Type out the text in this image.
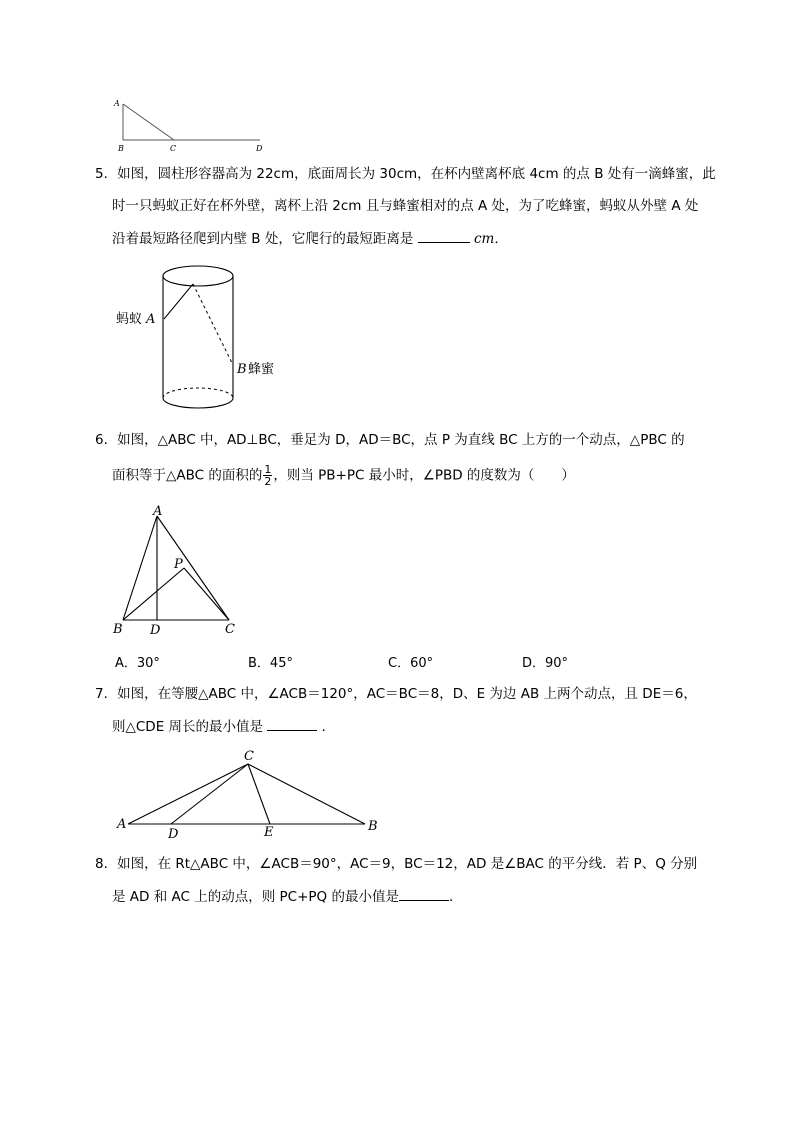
A
B	C	D
5．如图，圆柱形容器高为 22cm，底面周长为 30cm，在杯内壁离杯底 4cm 的点 B 处有一滴蜂蜜，此
时一只蚂蚁正好在杯外壁，离杯上沿 2cm 且与蜂蜜相对的点 A 处，为了吃蜂蜜，蚂蚁从外壁 A 处
沿着最短路径爬到内壁 B 处，它爬行的最短距离是	cm．
蚂蚁 A
B 蜂蜜
6．如图，△ABC 中，AD⊥BC，垂足为 D，AD＝BC，点 P 为直线 BC 上方的一个动点，△PBC 的
面积等于△ABC 的面积的 $\frac{1}{2}$ ，则当 PB+PC 最小时，∠PBD 的度数为（　　）
A
B	C
D
P
A．30°	B．45°	C．60°	D．90°
7．如图，在等腰△ABC 中，∠ACB＝120°，AC＝BC＝8，D、E 为边 AB 上两个动点，且 DE＝6，
则△CDE 周长的最小值是	．
C
A	B
D	E
8．如图，在 Rt△ABC 中，∠ACB＝90°，AC＝9，BC＝12，AD 是∠BAC 的平分线．若 P、Q 分别
是 AD 和 AC 上的动点，则 PC+PQ 的最小值是	．
